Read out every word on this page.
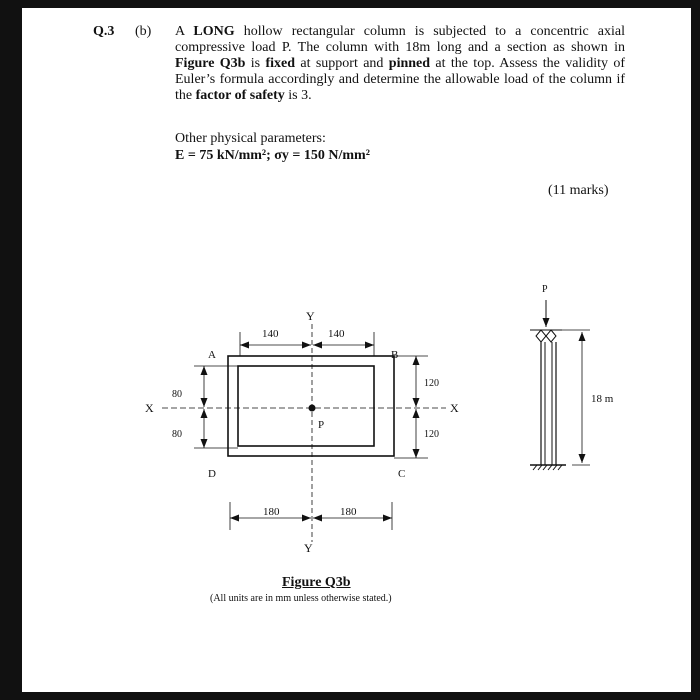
Q.3 (b) A LONG hollow rectangular column is subjected to a concentric axial compressive load P. The column with 18m long and a section as shown in Figure Q3b is fixed at support and pinned at the top. Assess the validity of Euler’s formula accordingly and determine the allowable load of the column if the factor of safety is 3.

Other physical parameters:
E = 75 kN/mm²; σy = 150 N/mm²
(11 marks)
Y
Y
X	X
140	140
180	180
80
80
120
120
A	B
C
D
P
P
18 m
Figure Q3b
(All units are in mm unless otherwise stated.)
